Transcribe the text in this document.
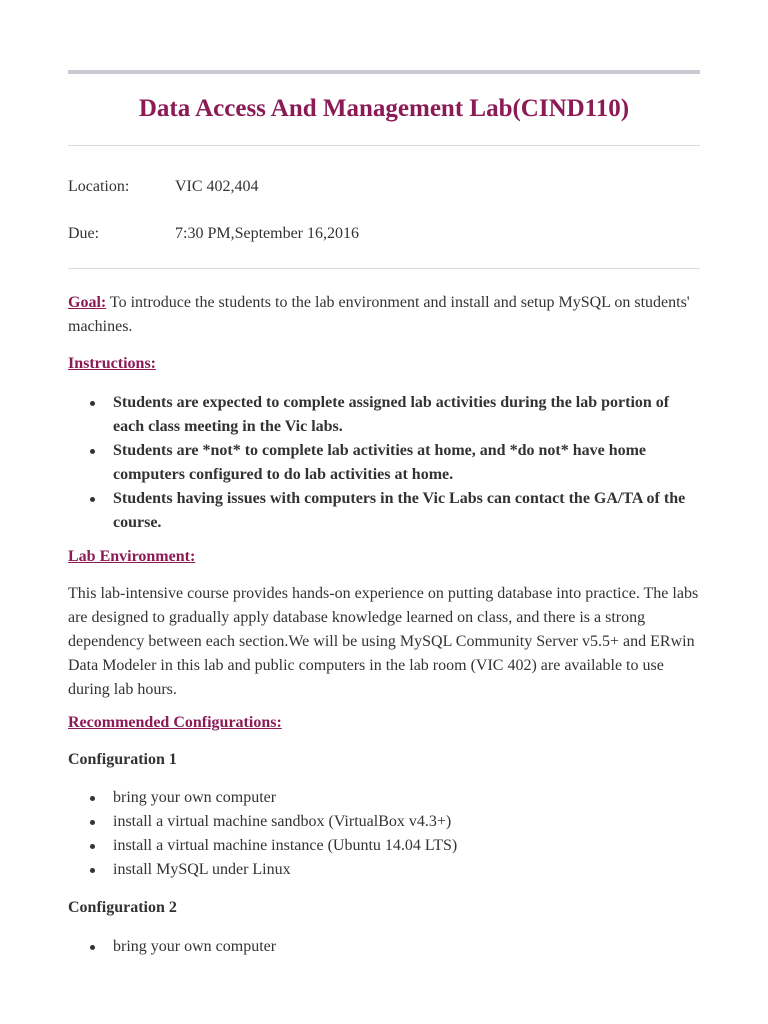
Data Access And Management Lab(CIND110)
Location:	VIC 402,404
Due:	7:30 PM,September 16,2016
Goal: To introduce the students to the lab environment and install and setup MySQL on students' machines.
Instructions:
Students are expected to complete assigned lab activities during the lab portion of each class meeting in the Vic labs.
Students are *not* to complete lab activities at home, and *do not* have home computers configured to do lab activities at home.
Students having issues with computers in the Vic Labs can contact the GA/TA of the course.
Lab Environment:
This lab-intensive course provides hands-on experience on putting database into practice. The labs are designed to gradually apply database knowledge learned on class, and there is a strong dependency between each section.We will be using MySQL Community Server v5.5+ and ERwin Data Modeler in this lab and public computers in the lab room (VIC 402) are available to use during lab hours.
Recommended Configurations:
Configuration 1
bring your own computer
install a virtual machine sandbox (VirtualBox v4.3+)
install a virtual machine instance (Ubuntu 14.04 LTS)
install MySQL under Linux
Configuration 2
bring your own computer
